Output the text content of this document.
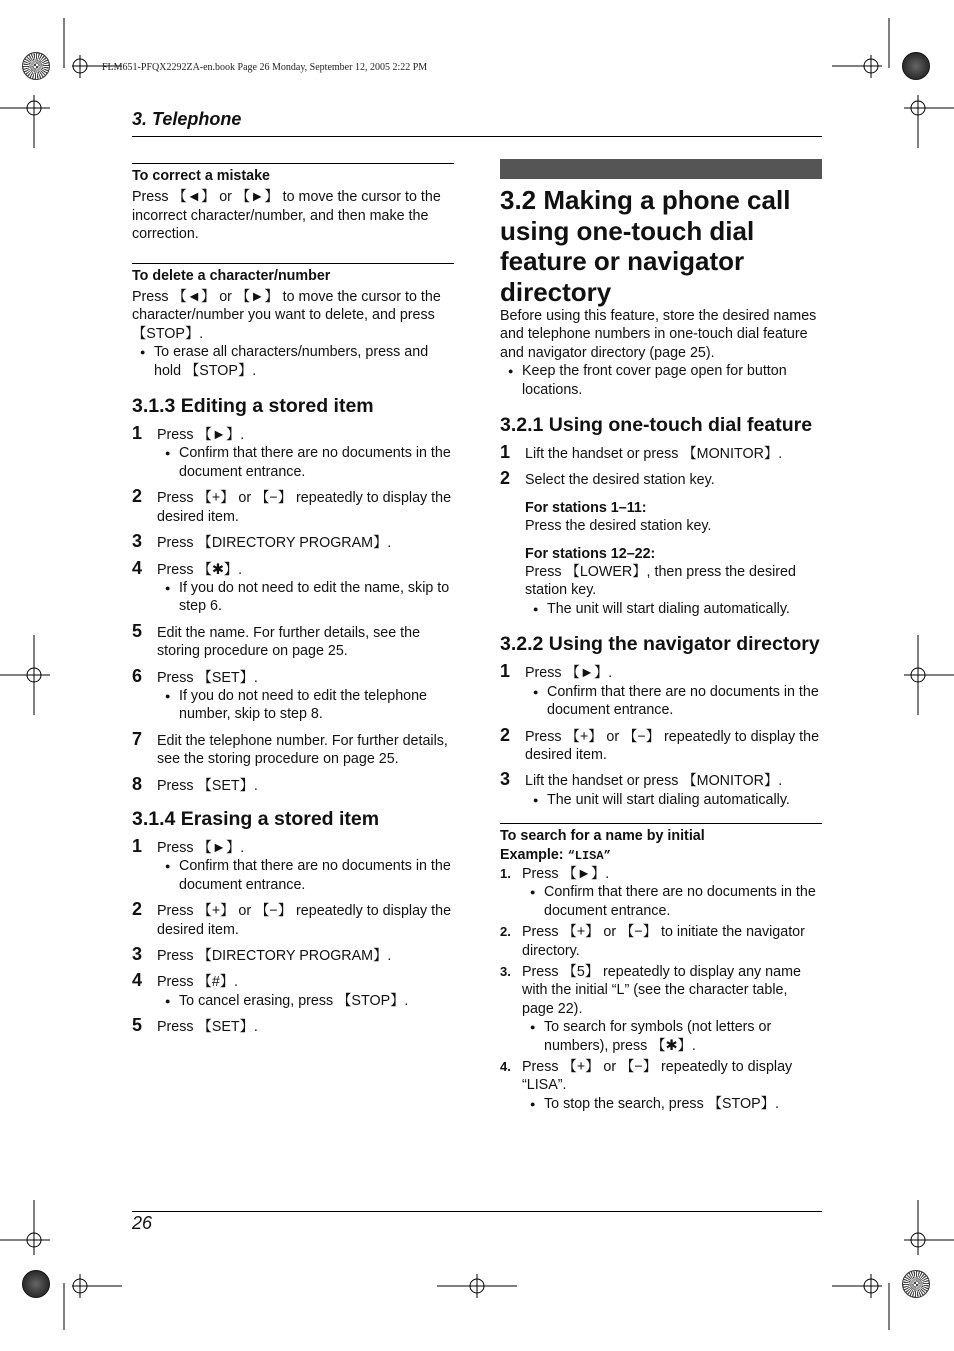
FLM651-PFQX2292ZA-en.book Page 26 Monday, September 12, 2005 2:22 PM
3. Telephone
To correct a mistake

Press 【◄】 or 【►】 to move the cursor to the incorrect character/number, and then make the correction.

To delete a character/number

Press 【◄】 or 【►】 to move the cursor to the character/number you want to delete, and press 【STOP】.

● To erase all characters/numbers, press and hold 【STOP】.

3.1.3 Editing a stored item
1 Press 【►】.

● Confirm that there are no documents in the document entrance.

2 Press 【+】 or 【−】 repeatedly to display the desired item.

3 Press 【DIRECTORY PROGRAM】.

4 Press 【✱】.

● If you do not need to edit the name, skip to step 6.

5 Edit the name. For further details, see the storing procedure on page 25.

6 Press 【SET】.

● If you do not need to edit the telephone number, skip to step 8.

7 Edit the telephone number. For further details, see the storing procedure on page 25.

8 Press 【SET】.

3.1.4 Erasing a stored item
1 Press 【►】.

● Confirm that there are no documents in the document entrance.

2 Press 【+】 or 【−】 repeatedly to display the desired item.

3 Press 【DIRECTORY PROGRAM】.

4 Press 【#】.

● To cancel erasing, press 【STOP】.

5 Press 【SET】.

3.2 Making a phone call using one-touch dial feature or navigator directory

Before using this feature, store the desired names and telephone numbers in one-touch dial feature and navigator directory (page 25).

● Keep the front cover page open for button locations.

3.2.1 Using one-touch dial feature
1 Lift the handset or press 【MONITOR】.

2 Select the desired station key.

For stations 1–11:

Press the desired station key.

For stations 12–22:

Press 【LOWER】, then press the desired station key.

● The unit will start dialing automatically.

3.2.2 Using the navigator directory
1 Press 【►】.

● Confirm that there are no documents in the document entrance.

2 Press 【+】 or 【−】 repeatedly to display the desired item.

3 Lift the handset or press 【MONITOR】.

● The unit will start dialing automatically.

To search for a name by initial

Example: “LISA”

1. Press 【►】.

● Confirm that there are no documents in the document entrance.

2. Press 【+】 or 【−】 to initiate the navigator directory.

3. Press 【5】 repeatedly to display any name with the initial “L” (see the character table, page 22).

● To search for symbols (not letters or numbers), press 【✱】.

4. Press 【+】 or 【−】 repeatedly to display “LISA”.

● To stop the search, press 【STOP】.

26
